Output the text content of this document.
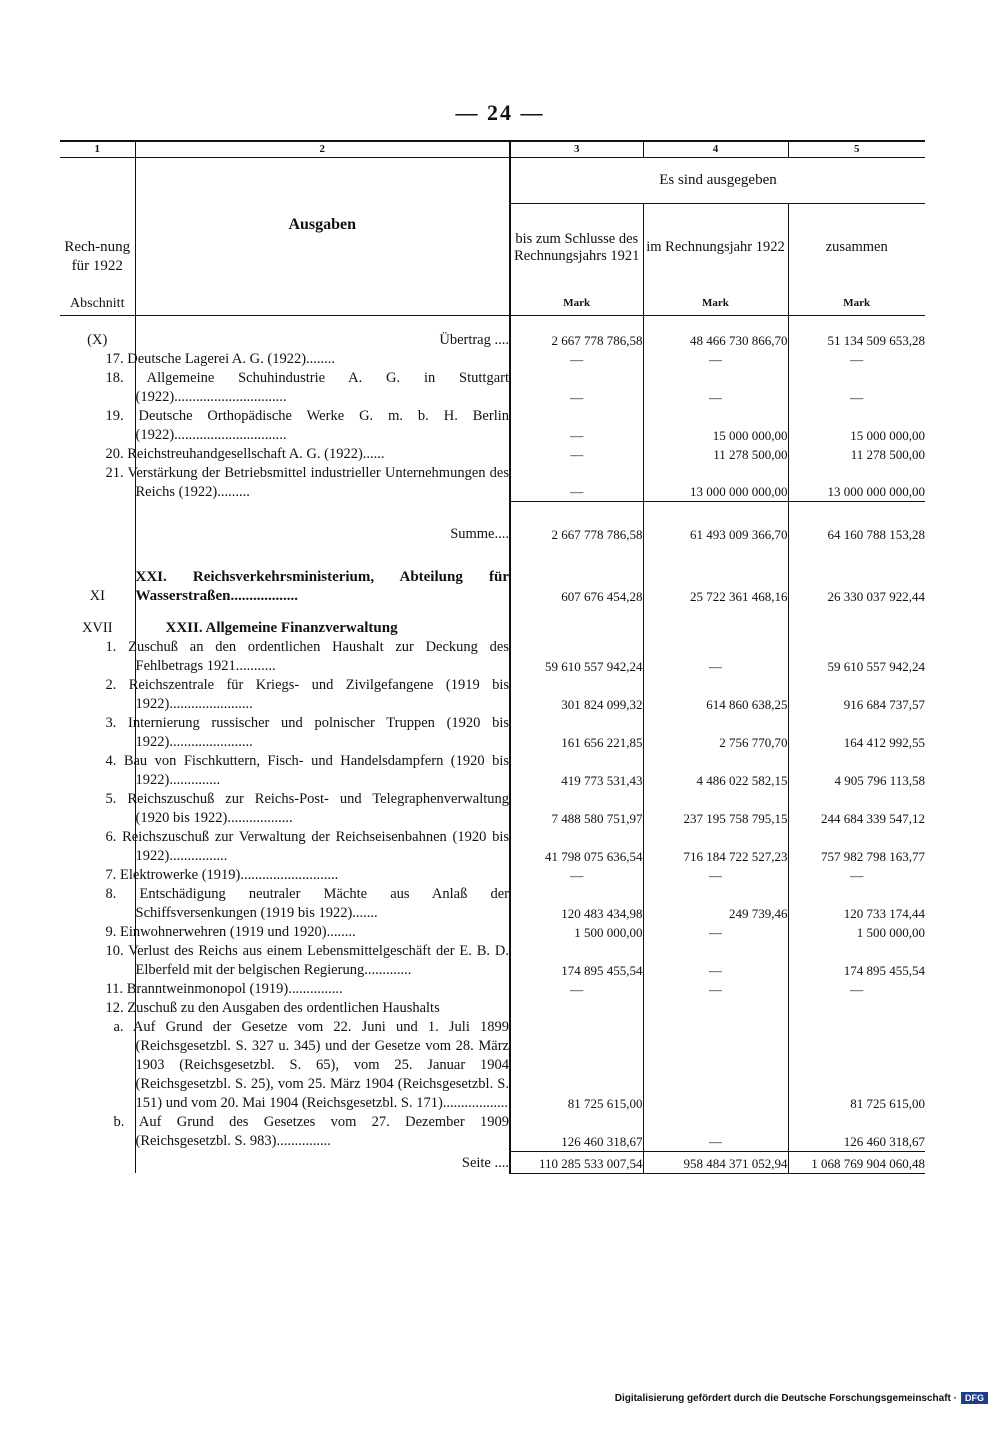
— 24 —
1	2	3	4	5
Rech-nung für 1922	Ausgaben	Es sind ausgegeben		
		bis zum Schlusse des Rechnungsjahrs 1921	im Rechnungsjahr 1922	zusammen
Abschnitt		Mark	Mark	Mark
(X)	Übertrag ....	2 667 778 786,58	48 466 730 866,70	51 134 509 653,28
	17. Deutsche Lagerei A. G. (1922)........	—	—	—
	18. Allgemeine Schuhindustrie A. G. in Stuttgart (1922)...............................	—	—	—
	19. Deutsche Orthopädische Werke G. m. b. H. Berlin (1922)...............................	—	15 000 000,00	15 000 000,00
	20. Reichstreuhandgesellschaft A. G. (1922)......	—	11 278 500,00	11 278 500,00
	21. Verstärkung der Betriebsmittel industrieller Unternehmungen des Reichs (1922).........	—	13 000 000 000,00	13 000 000 000,00

	Summe....	2 667 778 786,58	61 493 009 366,70	64 160 788 153,28
XI	XXI. Reichsverkehrsministerium, Abteilung für Wasserstraßen..................	607 676 454,28	25 722 361 468,16	26 330 037 922,44
XVII	XXII. Allgemeine Finanzverwaltung			
	1. Zuschuß an den ordentlichen Haushalt zur Deckung des Fehlbetrags 1921...........	59 610 557 942,24	—	59 610 557 942,24
	2. Reichszentrale für Kriegs- und Zivilgefangene (1919 bis 1922).......................	301 824 099,32	614 860 638,25	916 684 737,57
	3. Internierung russischer und polnischer Truppen (1920 bis 1922).......................	161 656 221,85	2 756 770,70	164 412 992,55
	4. Bau von Fischkuttern, Fisch- und Handelsdampfern (1920 bis 1922)..............	419 773 531,43	4 486 022 582,15	4 905 796 113,58
	5. Reichszuschuß zur Reichs-Post- und Telegraphenverwaltung (1920 bis 1922)..................	7 488 580 751,97	237 195 758 795,15	244 684 339 547,12
	6. Reichszuschuß zur Verwaltung der Reichseisenbahnen (1920 bis 1922)................	41 798 075 636,54	716 184 722 527,23	757 982 798 163,77
	7. Elektrowerke (1919)...........................	—	—	—
	8. Entschädigung neutraler Mächte aus Anlaß der Schiffsversenkungen (1919 bis 1922).......	120 483 434,98	249 739,46	120 733 174,44
	9. Einwohnerwehren (1919 und 1920)........	1 500 000,00	—	1 500 000,00
	10. Verlust des Reichs aus einem Lebensmittelgeschäft der E. B. D. Elberfeld mit der belgischen Regierung.............	174 895 455,54	—	174 895 455,54
	11. Branntweinmonopol (1919)...............	—	—	—
	12. Zuschuß zu den Ausgaben des ordentlichen Haushalts			
	a. Auf Grund der Gesetze vom 22. Juni und 1. Juli 1899 (Reichsgesetzbl. S. 327 u. 345) und der Gesetze vom 28. März 1903 (Reichsgesetzbl. S. 65), vom 25. Januar 1904 (Reichsgesetzbl. S. 25), vom 25. März 1904 (Reichsgesetzbl. S. 151) und vom 20. Mai 1904 (Reichsgesetzbl. S. 171)..................	81 725 615,00		81 725 615,00
	b. Auf Grund des Gesetzes vom 27. Dezember 1909 (Reichsgesetzbl. S. 983)...............	126 460 318,67	—	126 460 318,67
	Seite ....	110 285 533 007,54	958 484 371 052,94	1 068 769 904 060,48
Digitalisierung gefördert durch die Deutsche Forschungsgemeinschaft · DFG
